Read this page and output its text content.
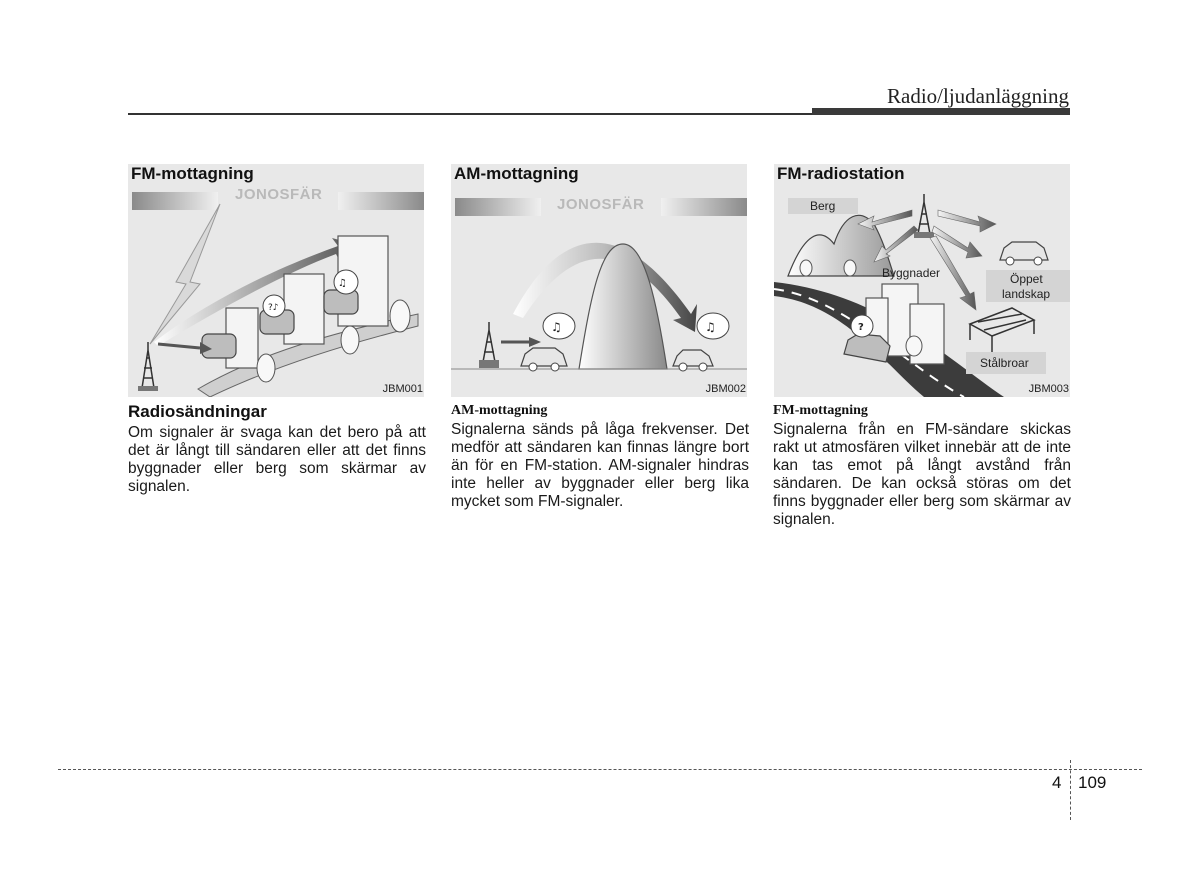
Radio/ljudanläggning
?♪
♫
FM-mottagning
JONOSFÄR
JBM001
♫	♫
AM-mottagning
JONOSFÄR
JBM002
?
FM-radiostation
Berg
Byggnader	Öppet
landskap
Stålbroar
JBM003
Radiosändningar

Om signaler är svaga kan det bero på att det är långt till sändaren eller att det finns byggnader eller berg som skärmar av signalen.

AM-mottagning

Signalerna sänds på låga frekvenser. Det medför att sändaren kan finnas längre bort än för en FM-station. AM-signaler hindras inte heller av byggnader eller berg lika mycket som FM-signaler.

FM-mottagning

Signalerna från en FM-sändare skickas rakt ut atmosfären vilket innebär att de inte kan tas emot på långt avstånd från sändaren. De kan också störas om det finns byggnader eller berg som skärmar av signalen.

4 109
